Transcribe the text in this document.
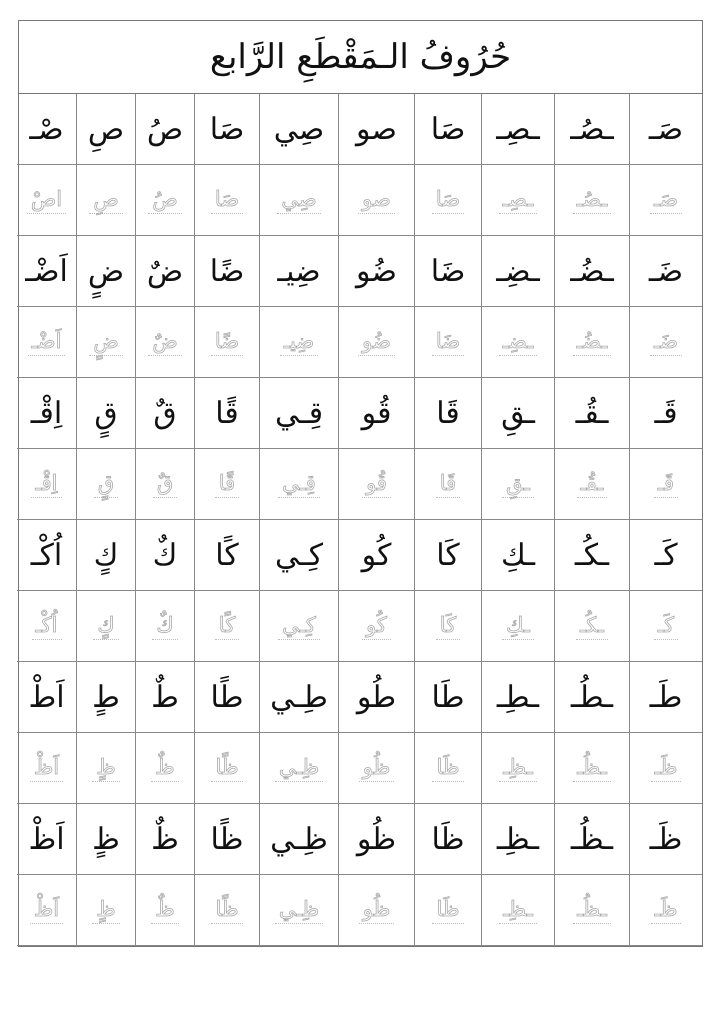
حُرُوفُ الـمَقْطَعِ الرَّابع
صَـ
ـصُـ
ـصِـ
صَا
صو
صِي
صَا
صُ
صِ
صْـ
صَـ
ـصُـ
ـصِـ
صَا
صو
صِي
صَا
صُ
صِ
اصْ
ضَـ
ـضُـ
ـضِـ
ضَا
ضُو
ضِيـ
ضًا
ضٌ
ضٍ
اَضْـ
ضَـ
ـضُـ
ـضِـ
ضَا
ضُو
ضِيـ
ضًا
ضٌ
ضٍ
اَضْـ
قَـ
ـقُـ
ـقِ
قَا
قُو
قِـي
قًا
قٌ
قٍ
اِقْـ
قَـ
ـقُـ
ـقِ
قَا
قُو
قِـي
قًا
قٌ
قٍ
اِقْـ
كَـ
ـكُـ
ـكِ
كَا
كُو
كِـي
كًا
كٌ
كٍ
اُكْـ
كَـ
ـكُـ
ـكِ
كَا
كُو
كِـي
كًا
كٌ
كٍ
اُكْـ
طَـ
ـطُـ
ـطِـ
طَا
طُو
طِـي
طًا
طٌ
طٍ
اَطْ
ظَـ
ـظُـ
ـظِـ
ظَا
ظُو
ظِـي
ظًا
ظٌ
ظٍ
اَظْ
ظَـ
ـظُـ
ـظِـ
ظَا
ظُو
ظِـي
ظًا
ظٌ
ظٍ
اَظْ
ظَـ
ـظُـ
ـظِـ
ظَا
ظُو
ظِـي
ظًا
ظٌ
ظٍ
اَظْ
